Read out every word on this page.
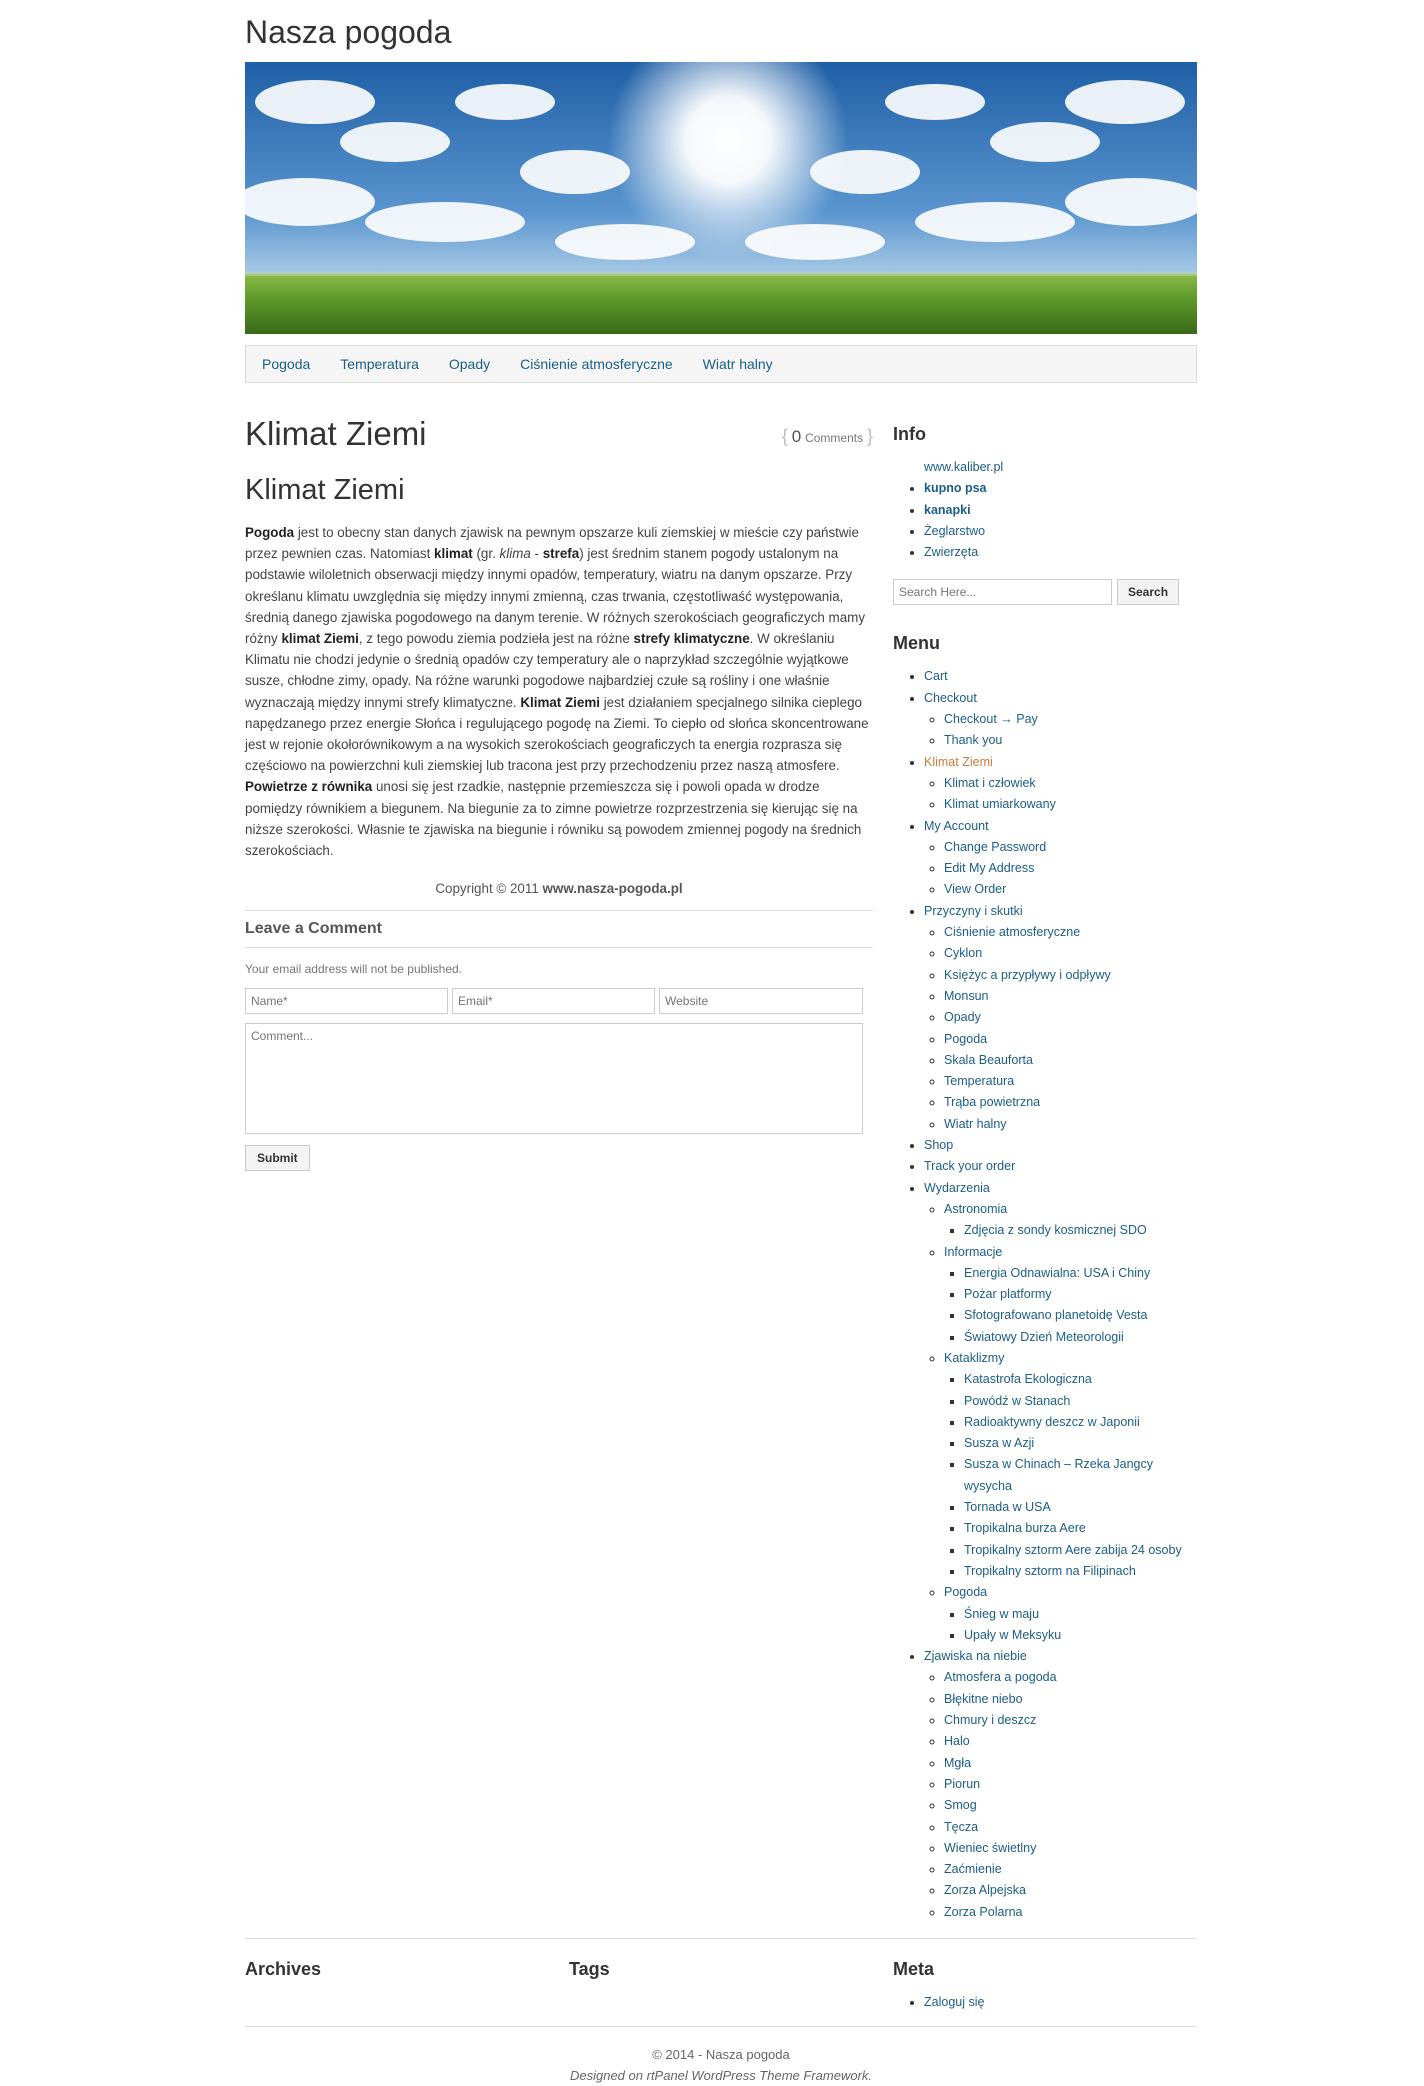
Nasza pogoda
Pogoda Temperatura Opady Ciśnienie atmosferyczne Wiatr halny
Klimat Ziemi	{ 0 Comments }
Klimat Ziemi

Pogoda jest to obecny stan danych zjawisk na pewnym opszarze kuli ziemskiej w mieście czy państwie przez pewnien czas. Natomiast klimat (gr. klima - strefa) jest średnim stanem pogody ustalonym na podstawie wiloletnich obserwacji między innymi opadów, temperatury, wiatru na danym opszarze. Przy określanu klimatu uwzględnia się między innymi zmienną, czas trwania, częstotliwaść występowania, średnią danego zjawiska pogodowego na danym terenie. W różnych szerokościach geograficzych mamy różny klimat Ziemi, z tego powodu ziemia podzieła jest na różne strefy klimatyczne. W określaniu Klimatu nie chodzi jedynie o średnią opadów czy temperatury ale o naprzykład szczególnie wyjątkowe susze, chłodne zimy, opady. Na różne warunki pogodowe najbardziej czułe są rośliny i one właśnie wyznaczają między innymi strefy klimatyczne. Klimat Ziemi jest działaniem specjalnego silnika cieplego napędzanego przez energie Słońca i regulującego pogodę na Ziemi. To ciepło od słońca skoncentrowane jest w rejonie okołorównikowym a na wysokich szerokościach geograficzych ta energia rozprasza się częściowo na powierzchni kuli ziemskiej lub tracona jest przy przechodzeniu przez naszą atmosfere. Powietrze z równika unosi się jest rzadkie, następnie przemieszcza się i powoli opada w drodze pomiędzy równikiem a biegunem. Na biegunie za to zimne powietrze rozprzestrzenia się kierując się na niższe szerokości. Własnie te zjawiska na biegunie i równiku są powodem zmiennej pogody na średnich szerokościach.

Copyright © 2011 www.nasza-pogoda.pl
Leave a Comment
Your email address will not be published.
Name*
Email*
Website
Comment... Submit
Info
www.kaliber.pl
• kupno psa
• kanapki
• Żeglarstwo
• Zwierzęta
Search Here...
Search
Menu
• Cart
• Checkout
◦ Checkout → Pay
◦ Thank you
• Klimat Ziemi
◦ Klimat i człowiek
◦ Klimat umiarkowany
• My Account
◦ Change Password
◦ Edit My Address
◦ View Order
• Przyczyny i skutki
◦ Ciśnienie atmosferyczne
◦ Cyklon
◦ Księżyc a przypływy i odpływy
◦ Monsun
◦ Opady
◦ Pogoda
◦ Skala Beauforta
◦ Temperatura
◦ Trąba powietrzna
◦ Wiatr halny
• Shop
• Track your order
• Wydarzenia
◦ Astronomia
▪ Zdjęcia z sondy kosmicznej SDO
◦ Informacje
▪ Energia Odnawialna: USA i Chiny
▪ Pożar platformy
▪ Sfotografowano planetoidę Vesta
▪ Światowy Dzień Meteorologii
◦ Kataklizmy
▪ Katastrofa Ekologiczna
▪ Powódź w Stanach
▪ Radioaktywny deszcz w Japonii
▪ Susza w Azji
▪ Susza w Chinach – Rzeka Jangcy wysycha
▪ Tornada w USA
▪ Tropikalna burza Aere
▪ Tropikalny sztorm Aere zabija 24 osoby
▪ Tropikalny sztorm na Filipinach
◦ Pogoda
▪ Śnieg w maju
▪ Upały w Meksyku
• Zjawiska na niebie
◦ Atmosfera a pogoda
◦ Błękitne niebo
◦ Chmury i deszcz
◦ Halo
◦ Mgła
◦ Piorun
◦ Smog
◦ Tęcza
◦ Wieniec świetlny
◦ Zaćmienie
◦ Zorza Alpejska
◦ Zorza Polarna
Archives	Tags	Meta
• Zaloguj się
© 2014 - Nasza pogoda
Designed on rtPanel WordPress Theme Framework.
